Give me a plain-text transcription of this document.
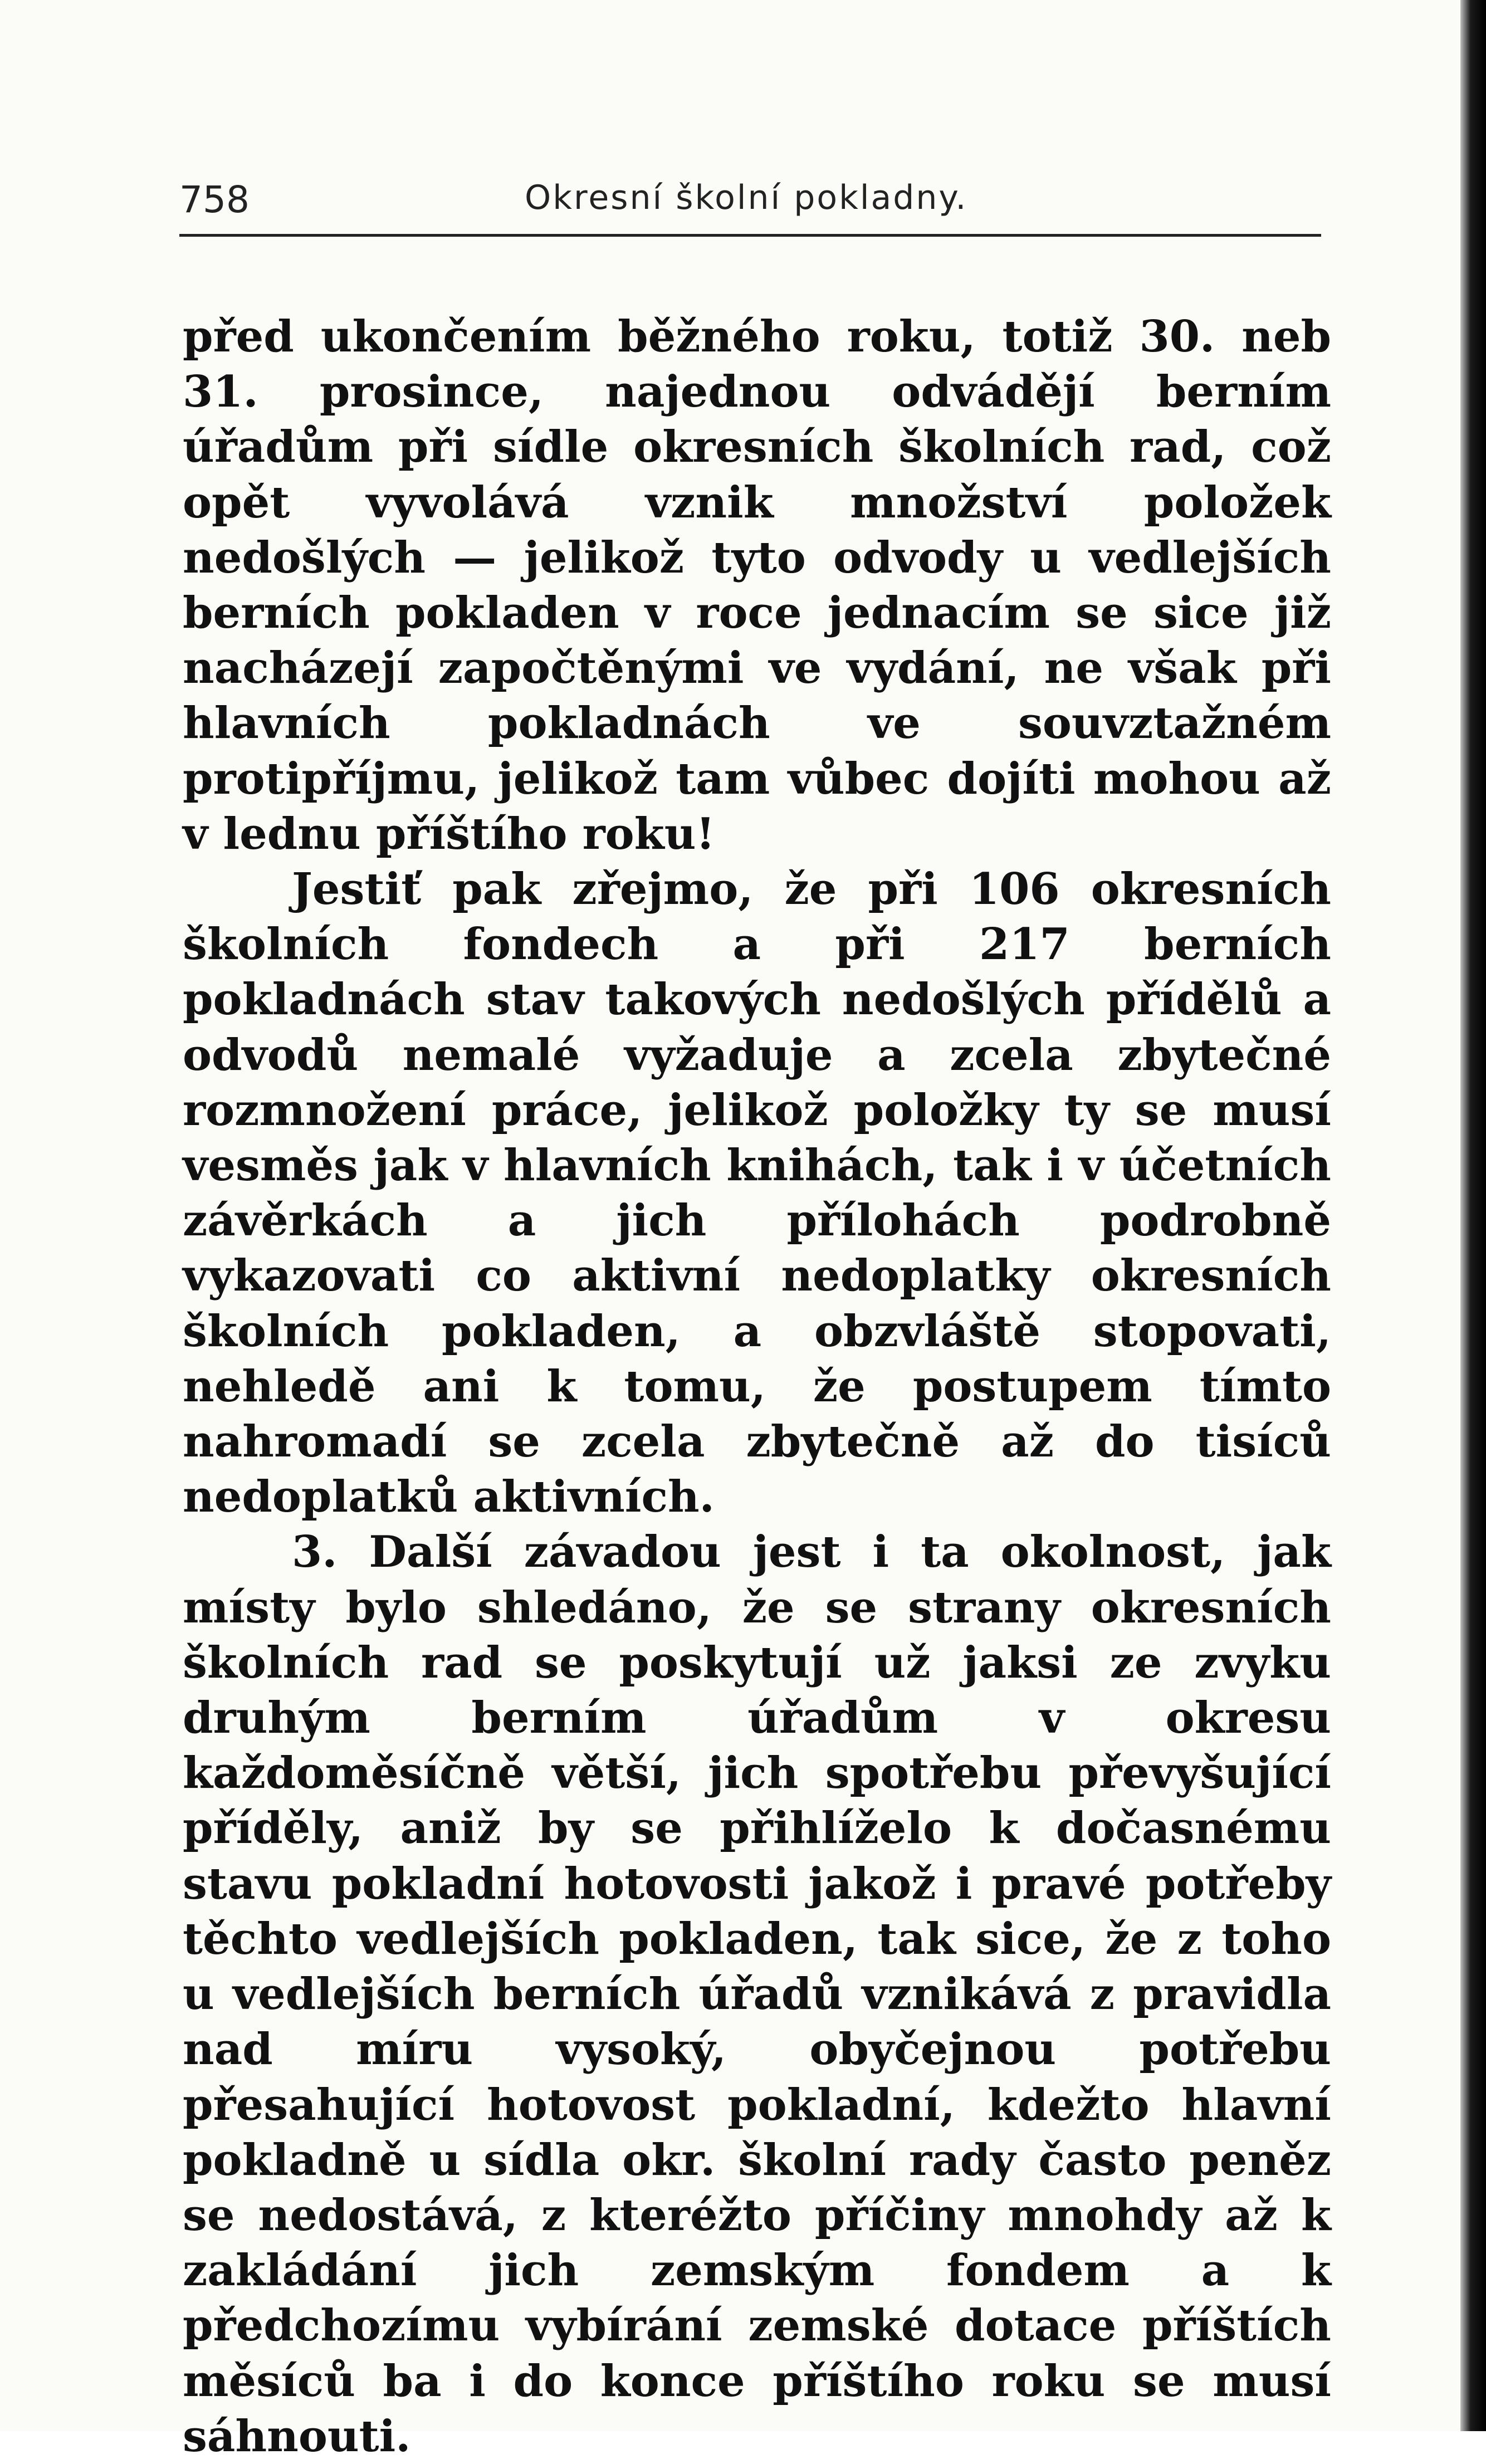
758	Okresní školní pokladny.

před ukončením běžného roku, totiž 30. neb 31. prosince, najednou odvádějí berním úřadům při sídle okresních školních rad, což opět vyvolává vznik množství položek nedošlých — jelikož tyto odvody u vedlejších berních pokladen v roce jednacím se sice již nacházejí započtěnými ve vydání, ne však při hlavních pokladnách ve souvztažném protipříjmu, jelikož tam vůbec dojíti mohou až v lednu příštího roku!

Jestiť pak zřejmo, že při 106 okresních školních fondech a při 217 berních pokladnách stav takových nedošlých přídělů a odvodů nemalé vyžaduje a zcela zbytečné rozmnožení práce, jelikož položky ty se musí vesměs jak v hlavních knihách, tak i v účetních závěrkách a jich přílohách podrobně vykazovati co aktivní nedoplatky okresních školních pokladen, a obzvláště stopovati, nehledě ani k tomu, že postupem tímto nahromadí se zcela zbytečně až do tisíců nedoplatků aktivních.

3. Další závadou jest i ta okolnost, jak místy bylo shledáno, že se strany okresních školních rad se poskytují už jaksi ze zvyku druhým berním úřadům v okresu každoměsíčně větší, jich spotřebu převyšující příděly, aniž by se přihlíželo k dočasnému stavu pokladní hotovosti jakož i pravé potřeby těchto vedlejších pokladen, tak sice, že z toho u vedlejších berních úřadů vznikává z pravidla nad míru vysoký, obyčejnou potřebu přesahující hotovost pokladní, kdežto hlavní pokladně u sídla okr. školní rady často peněz se nedostává, z kteréžto příčiny mnohdy až k zakládání jich zemským fondem a k předchozímu vybírání zemské dotace příštích měsíců ba i do konce příštího roku se musí sáhnouti.
